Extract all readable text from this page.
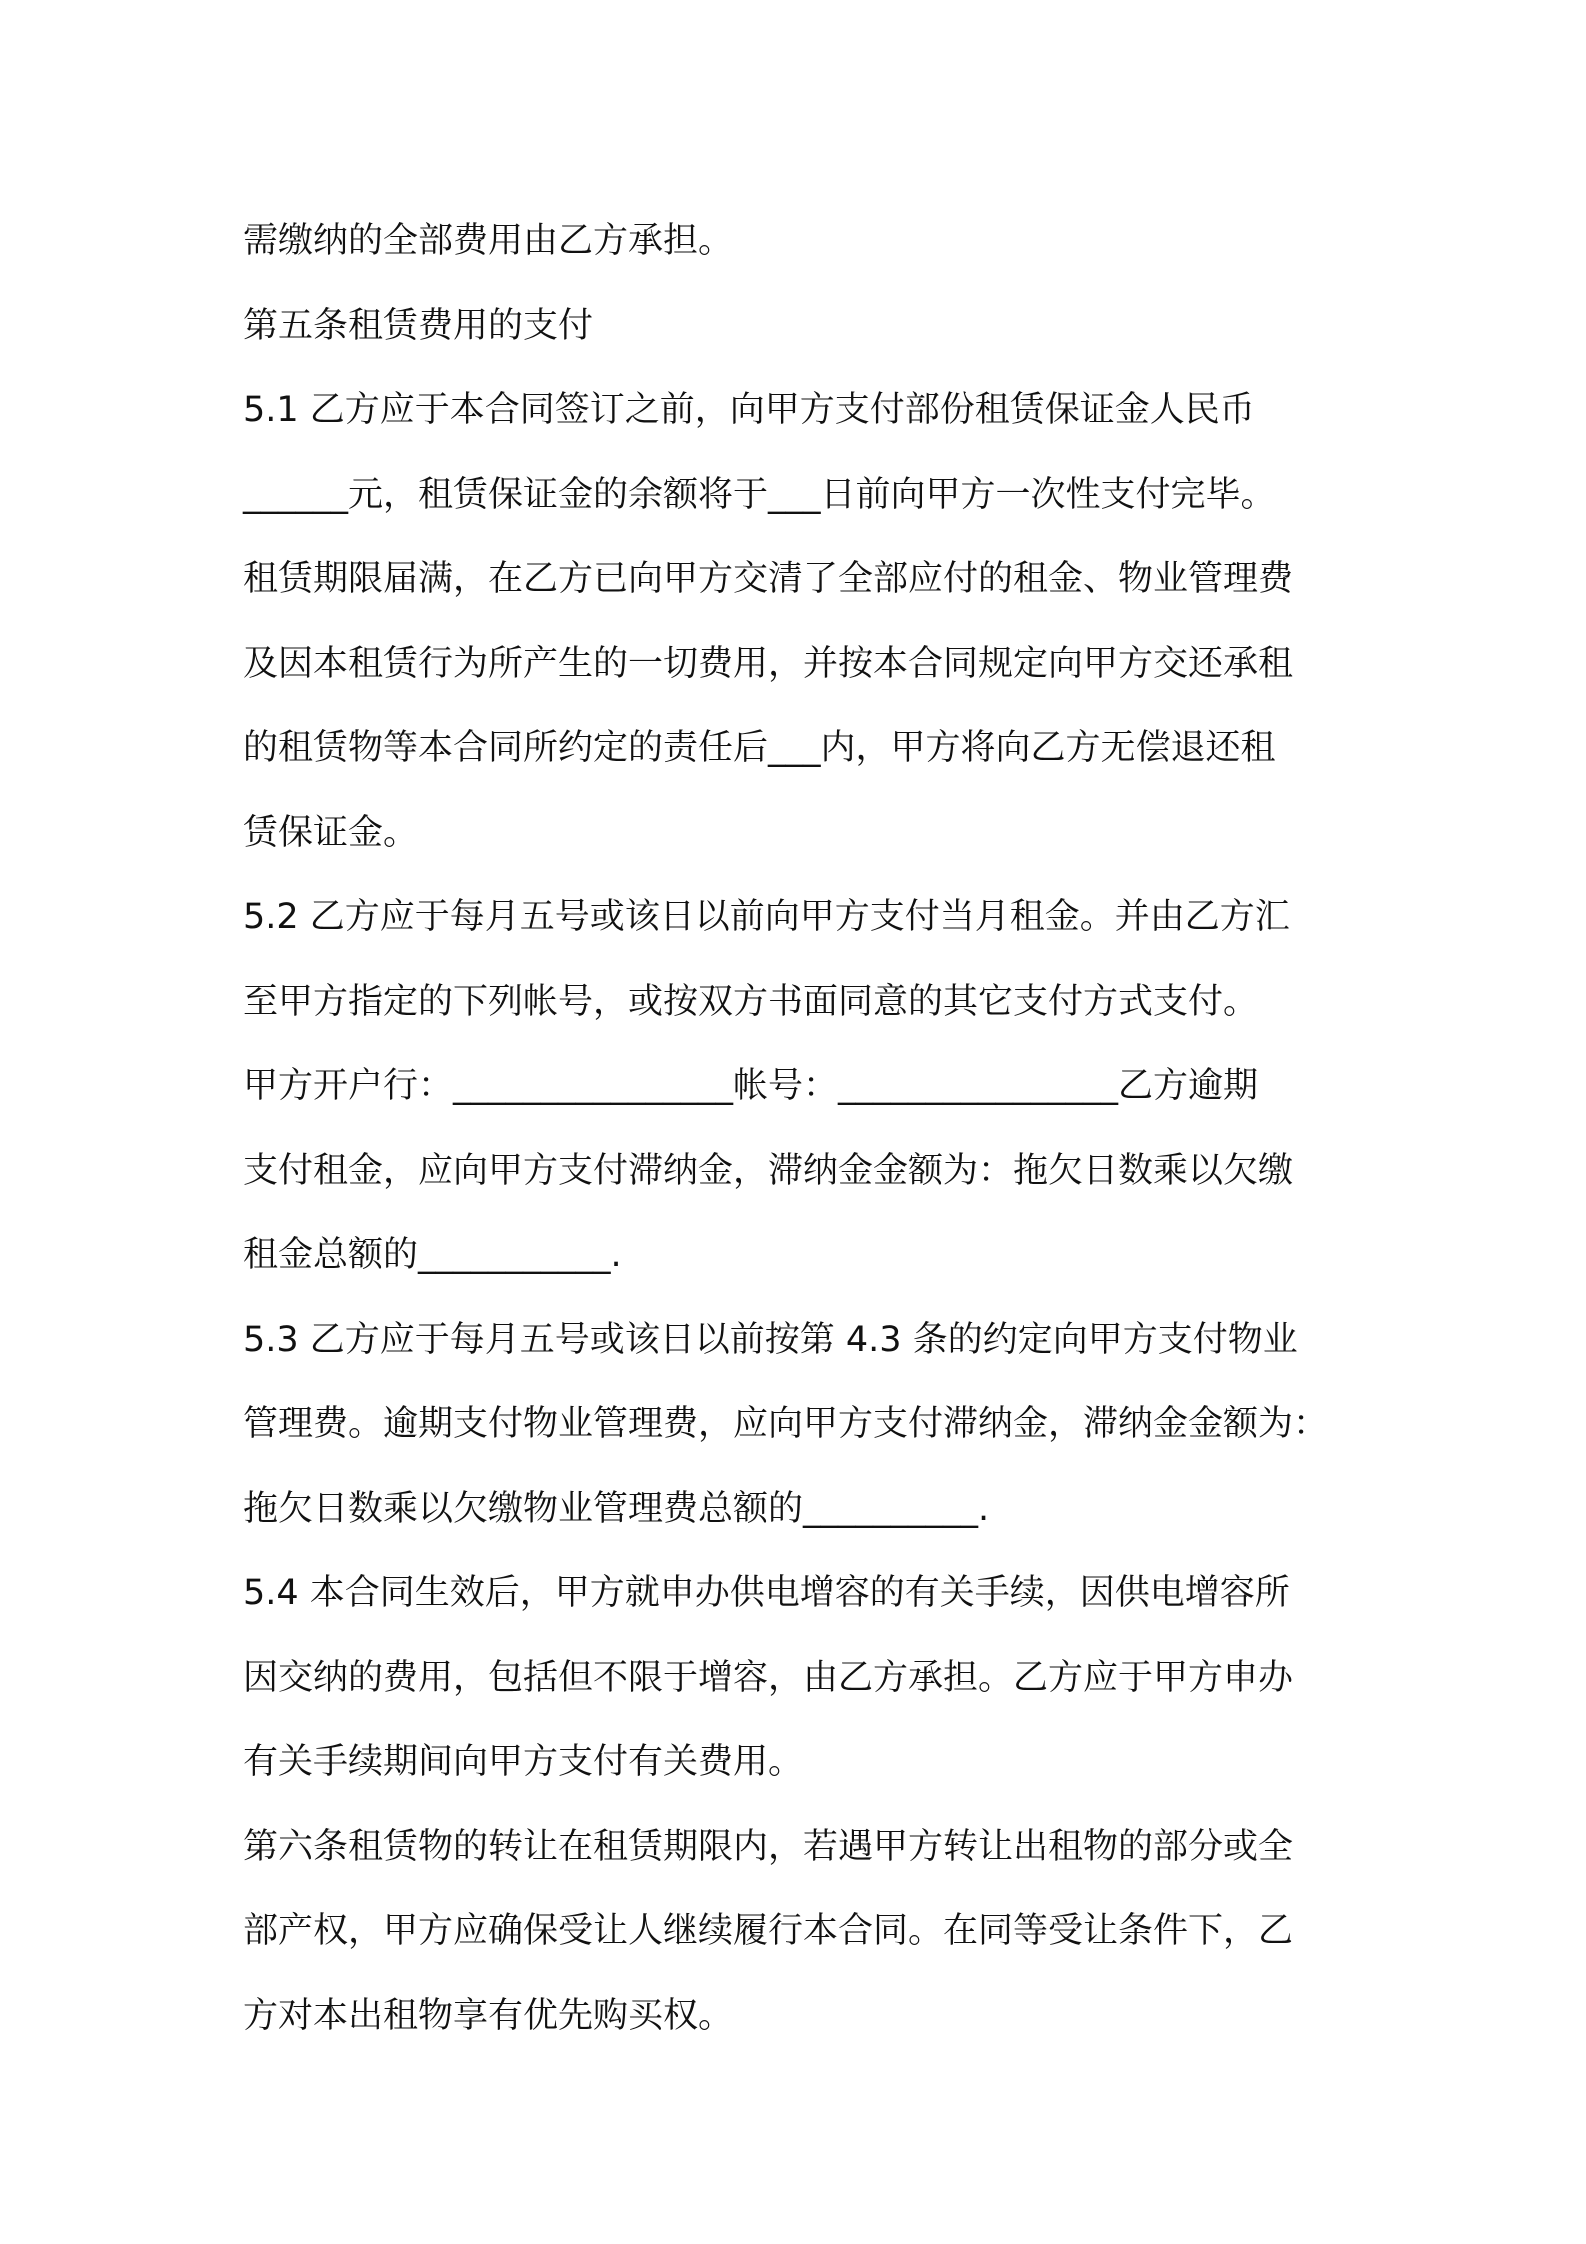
需缴纳的全部费用由乙方承担。
第五条租赁费用的支付
5.1 乙方应于本合同签订之前，向甲方支付部份租赁保证金人民币
______元，租赁保证金的余额将于___日前向甲方一次性支付完毕。
租赁期限届满，在乙方已向甲方交清了全部应付的租金、物业管理费
及因本租赁行为所产生的一切费用，并按本合同规定向甲方交还承租
的租赁物等本合同所约定的责任后___内，甲方将向乙方无偿退还租
赁保证金。
5.2 乙方应于每月五号或该日以前向甲方支付当月租金。并由乙方汇
至甲方指定的下列帐号，或按双方书面同意的其它支付方式支付。
甲方开户行：________________帐号：________________乙方逾期
支付租金，应向甲方支付滞纳金，滞纳金金额为：拖欠日数乘以欠缴
租金总额的___________.
5.3 乙方应于每月五号或该日以前按第 4.3 条的约定向甲方支付物业
管理费。逾期支付物业管理费，应向甲方支付滞纳金，滞纳金金额为：
拖欠日数乘以欠缴物业管理费总额的__________.
5.4 本合同生效后，甲方就申办供电增容的有关手续，因供电增容所
因交纳的费用，包括但不限于增容，由乙方承担。乙方应于甲方申办
有关手续期间向甲方支付有关费用。
第六条租赁物的转让在租赁期限内，若遇甲方转让出租物的部分或全
部产权，甲方应确保受让人继续履行本合同。在同等受让条件下，乙
方对本出租物享有优先购买权。
